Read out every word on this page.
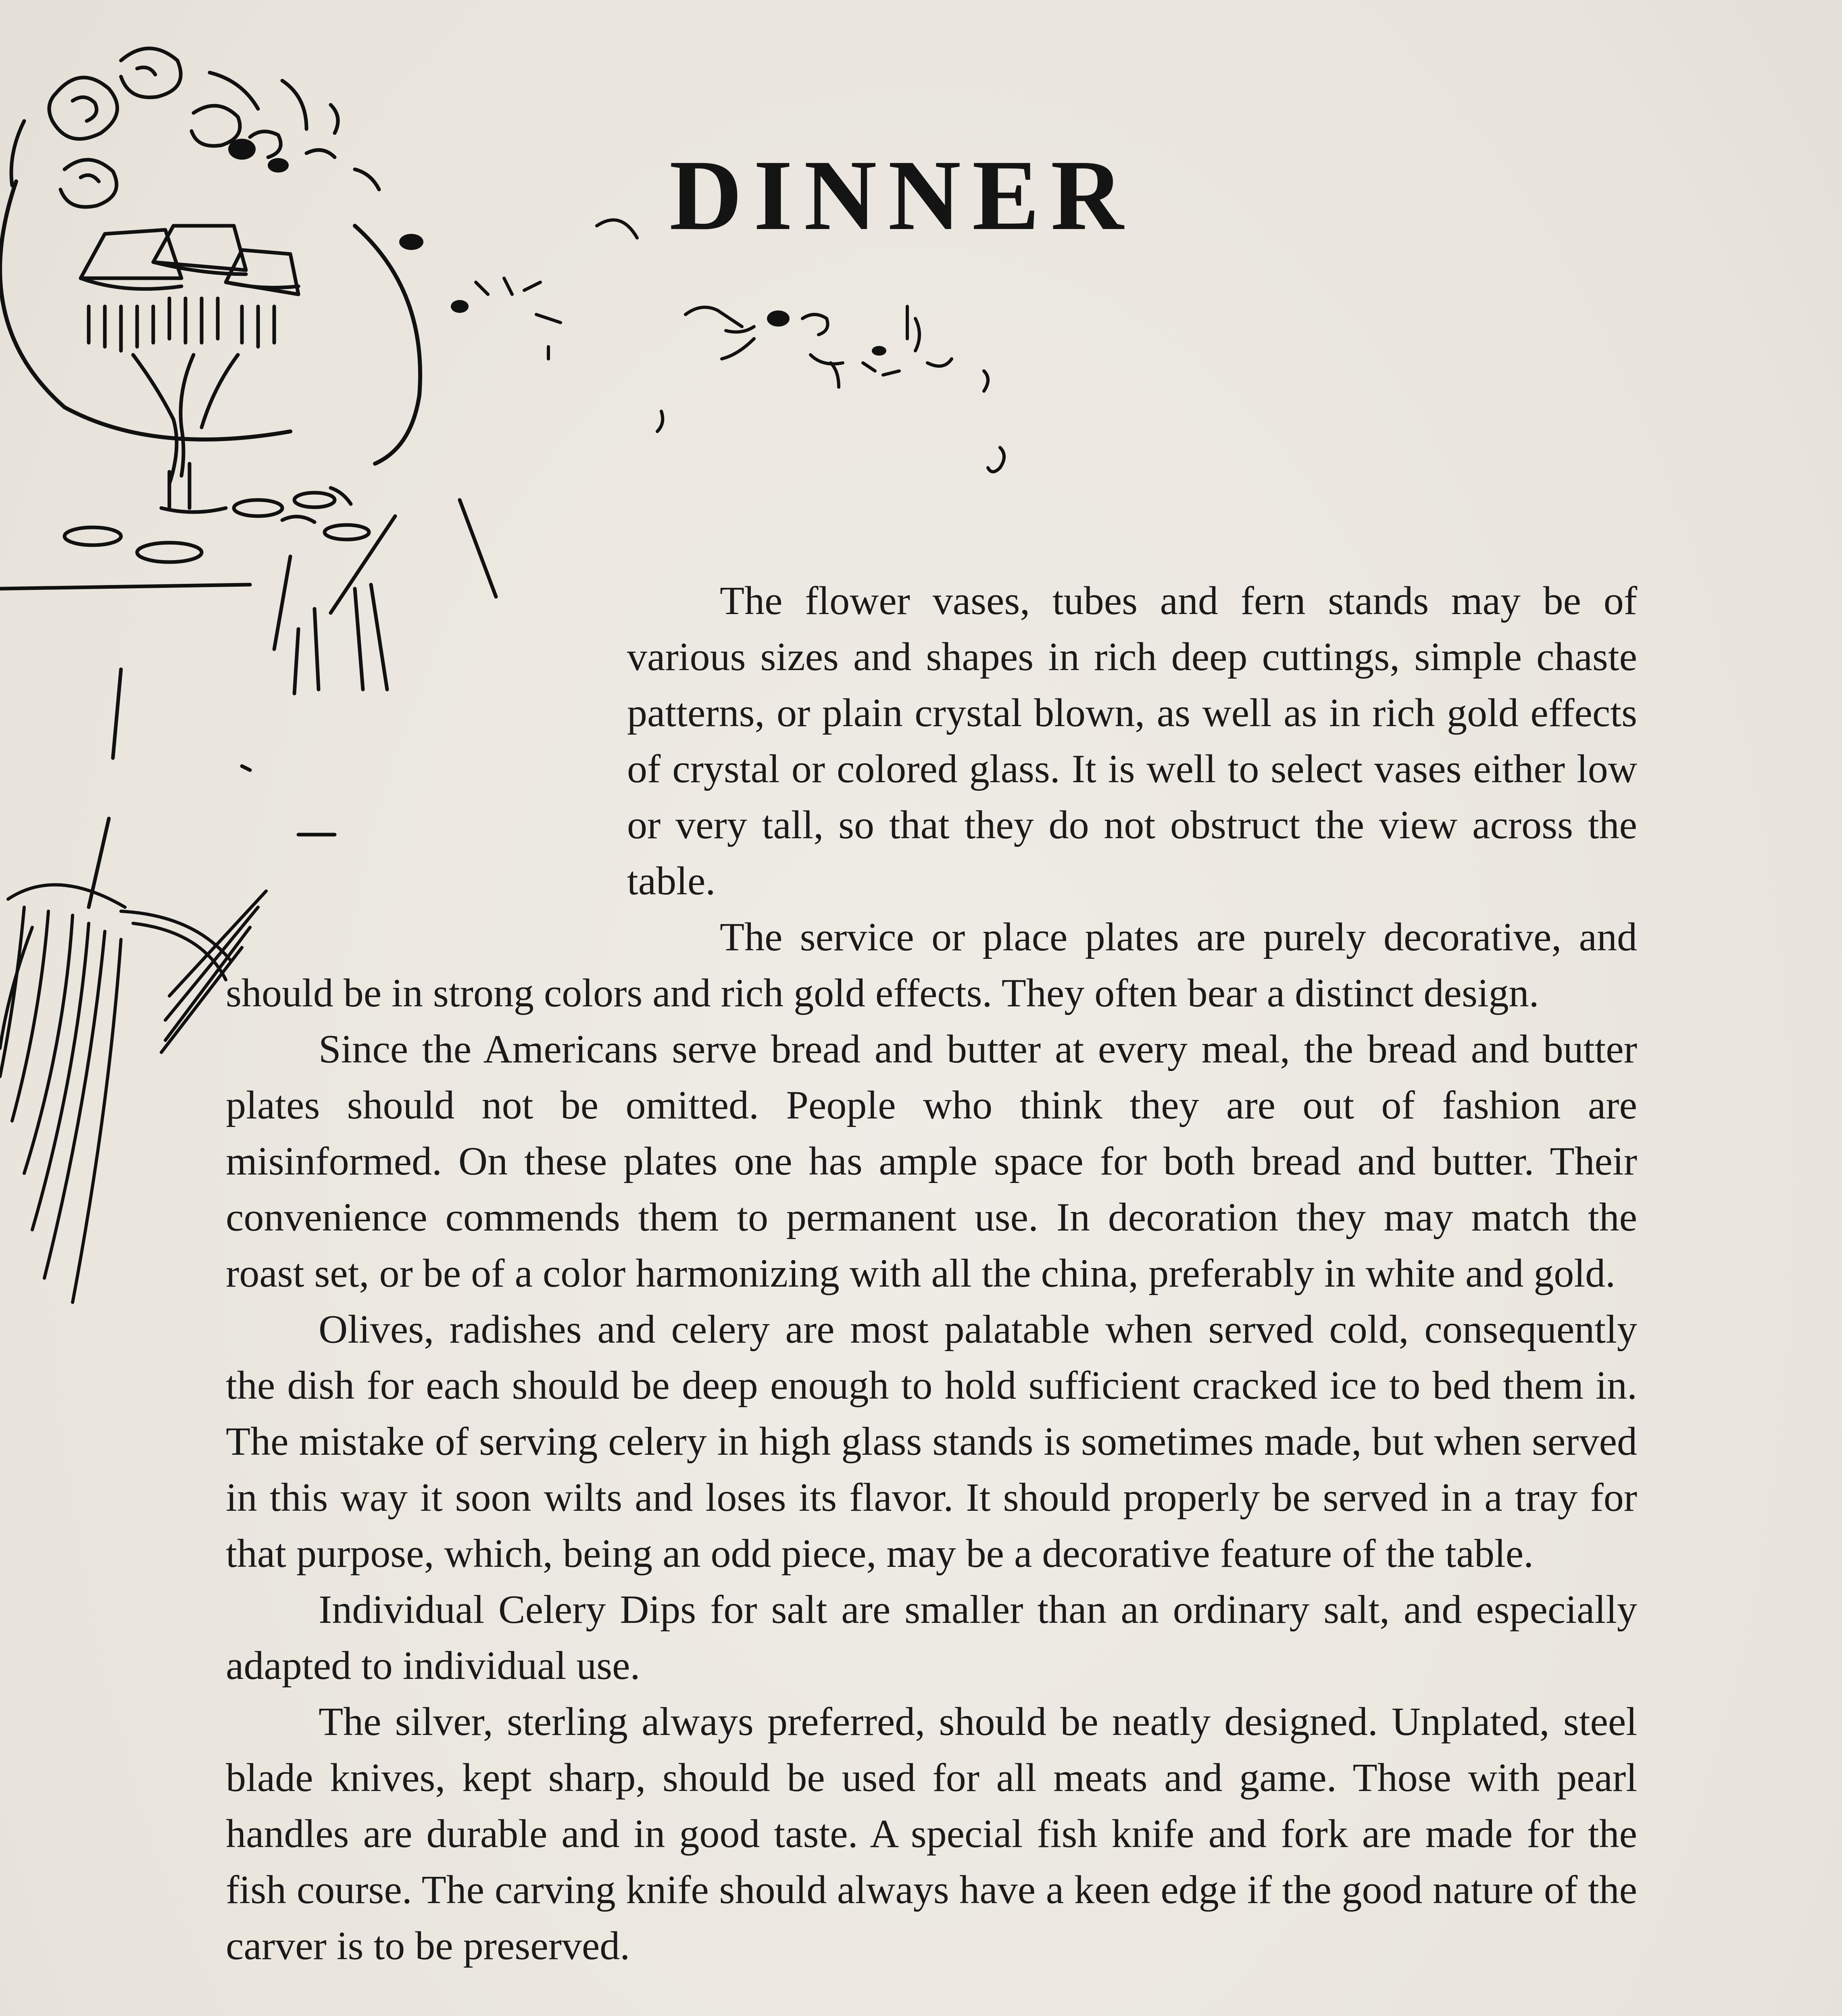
DINNER

The flower vases, tubes and fern stands may be of various sizes and shapes in rich deep cuttings, simple chaste patterns, or plain crystal blown, as well as in rich gold effects of crystal or colored glass. It is well to select vases either low or very tall, so that they do not obstruct the view across the table.

The service or place plates are purely decorative, and should be in strong colors and rich gold effects. They often bear a distinct design.

Since the Americans serve bread and butter at every meal, the bread and butter plates should not be omitted. People who think they are out of fashion are misinformed. On these plates one has ample space for both bread and butter. Their convenience commends them to permanent use. In decoration they may match the roast set, or be of a color harmonizing with all the china, preferably in white and gold.

Olives, radishes and celery are most palatable when served cold, consequently the dish for each should be deep enough to hold sufficient cracked ice to bed them in. The mistake of serving celery in high glass stands is sometimes made, but when served in this way it soon wilts and loses its flavor. It should properly be served in a tray for that purpose, which, being an odd piece, may be a decorative feature of the table.

Individual Celery Dips for salt are smaller than an ordinary salt, and especially adapted to individual use.

The silver, sterling always preferred, should be neatly designed. Unplated, steel blade knives, kept sharp, should be used for all meats and game. Those with pearl handles are durable and in good taste. A special fish knife and fork are made for the fish course. The carving knife should always have a keen edge if the good nature of the carver is to be preserved.
